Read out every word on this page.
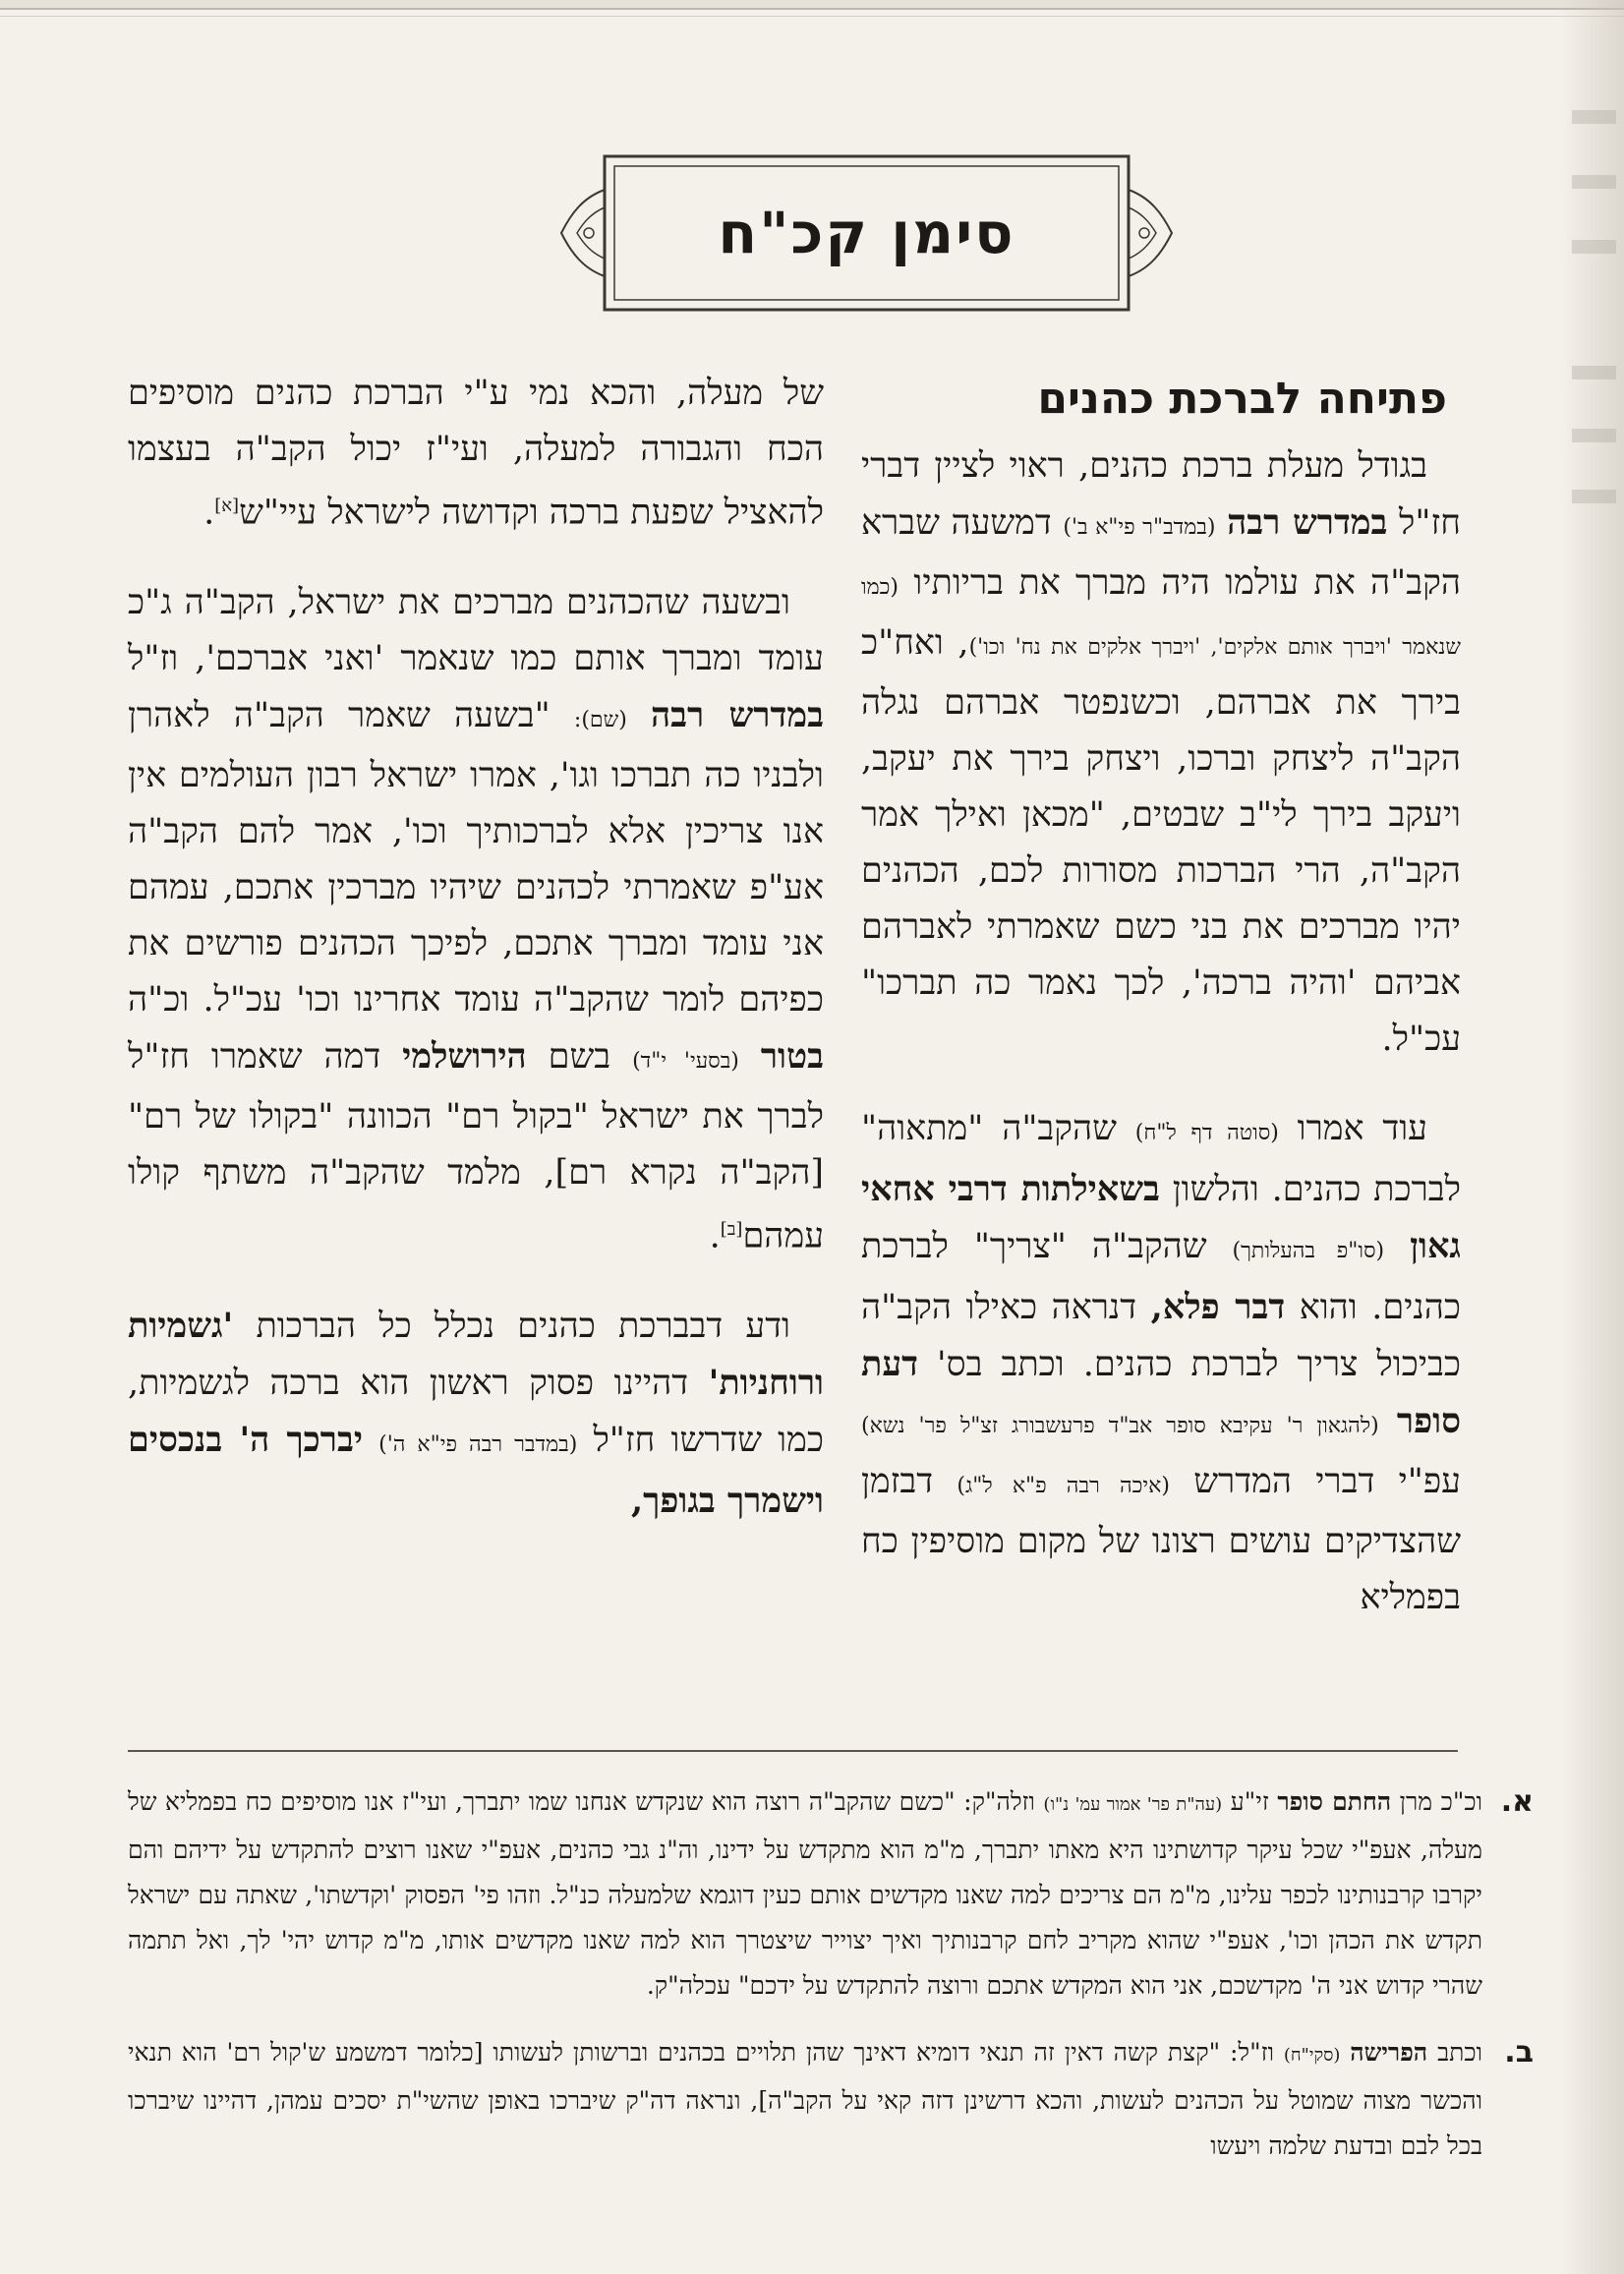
סימן קכ"ח
פתיחה לברכת כהנים

בגודל מעלת ברכת כהנים, ראוי לציין דברי חז"ל במדרש רבה (במדב"ר פי"א ב') דמשעה שברא הקב"ה את עולמו היה מברך את בריותיו (כמו שנאמר 'ויברך אותם אלקים', 'ויברך אלקים את נח' וכו'), ואח"כ בירך את אברהם, וכשנפטר אברהם נגלה הקב"ה ליצחק וברכו, ויצחק בירך את יעקב, ויעקב בירך לי"ב שבטים, "מכאן ואילך אמר הקב"ה, הרי הברכות מסורות לכם, הכהנים יהיו מברכים את בני כשם שאמרתי לאברהם אביהם 'והיה ברכה', לכך נאמר כה תברכו" עכ"ל.

עוד אמרו (סוטה דף ל"ח) שהקב"ה "מתאוה" לברכת כהנים. והלשון בשאילתות דרבי אחאי גאון (סו"פ בהעלותך) שהקב"ה "צריך" לברכת כהנים. והוא דבר פלא, דנראה כאילו הקב"ה כביכול צריך לברכת כהנים. וכתב בס' דעת סופר (להגאון ר' עקיבא סופר אב"ד פרעשבורג זצ"ל פר' נשא) עפ"י דברי המדרש (איכה רבה פ"א ל"ג) דבזמן שהצדיקים עושים רצונו של מקום מוסיפין כח בפמליא

של מעלה, והכא נמי ע"י הברכת כהנים מוסיפים הכח והגבורה למעלה, ועי"ז יכול הקב"ה בעצמו להאציל שפעת ברכה וקדושה לישראל עיי"ש[א].

ובשעה שהכהנים מברכים את ישראל, הקב"ה ג"כ עומד ומברך אותם כמו שנאמר 'ואני אברכם', וז"ל במדרש רבה (שם): "בשעה שאמר הקב"ה לאהרן ולבניו כה תברכו וגו', אמרו ישראל רבון העולמים אין אנו צריכין אלא לברכותיך וכו', אמר להם הקב"ה אע"פ שאמרתי לכהנים שיהיו מברכין אתכם, עמהם אני עומד ומברך אתכם, לפיכך הכהנים פורשים את כפיהם לומר שהקב"ה עומד אחרינו וכו' עכ"ל. וכ"ה בטור (בסעי' י"ד) בשם הירושלמי דמה שאמרו חז"ל לברך את ישראל "בקול רם" הכוונה "בקולו של רם" [הקב"ה נקרא רם], מלמד שהקב"ה משתף קולו עמהם[ב].

ודע דבברכת כהנים נכלל כל הברכות 'גשמיות ורוחניות' דהיינו פסוק ראשון הוא ברכה לגשמיות, כמו שדרשו חז"ל (במדבר רבה פי"א ה') יברכך ה' בנכסים וישמרך בגופך,

א.
וכ"כ מרן החתם סופר זי"ע (עה"ת פר' אמור עמ' נ"ו) וזלה"ק: "כשם שהקב"ה רוצה הוא שנקדש אנחנו שמו יתברך, ועי"ז אנו מוסיפים כח בפמליא של מעלה, אעפ"י שכל עיקר קדושתינו היא מאתו יתברך, מ"מ הוא מתקדש על ידינו, וה"נ גבי כהנים, אעפ"י שאנו רוצים להתקדש על ידיהם והם יקרבו קרבנותינו לכפר עלינו, מ"מ הם צריכים למה שאנו מקדשים אותם כעין דוגמא שלמעלה כנ"ל. וזהו פי' הפסוק 'וקדשתו', שאתה עם ישראל תקדש את הכהן וכו', אעפ"י שהוא מקריב לחם קרבנותיך ואיך יצוייר שיצטרך הוא למה שאנו מקדשים אותו, מ"מ קדוש יהי' לך, ואל תתמה שהרי קדוש אני ה' מקדשכם, אני הוא המקדש אתכם ורוצה להתקדש על ידכם" עכלה"ק.
ב.
וכתב הפרישה (סקי"ח) וז"ל: "קצת קשה דאין זה תנאי דומיא דאינך שהן תלויים בכהנים וברשותן לעשותו [כלומר דמשמע ש'קול רם' הוא תנאי והכשר מצוה שמוטל על הכהנים לעשות, והכא דרשינן דזה קאי על הקב"ה], ונראה דה"ק שיברכו באופן שהשי"ת יסכים עמהן, דהיינו שיברכו בכל לבם ובדעת שלמה ויעשו
